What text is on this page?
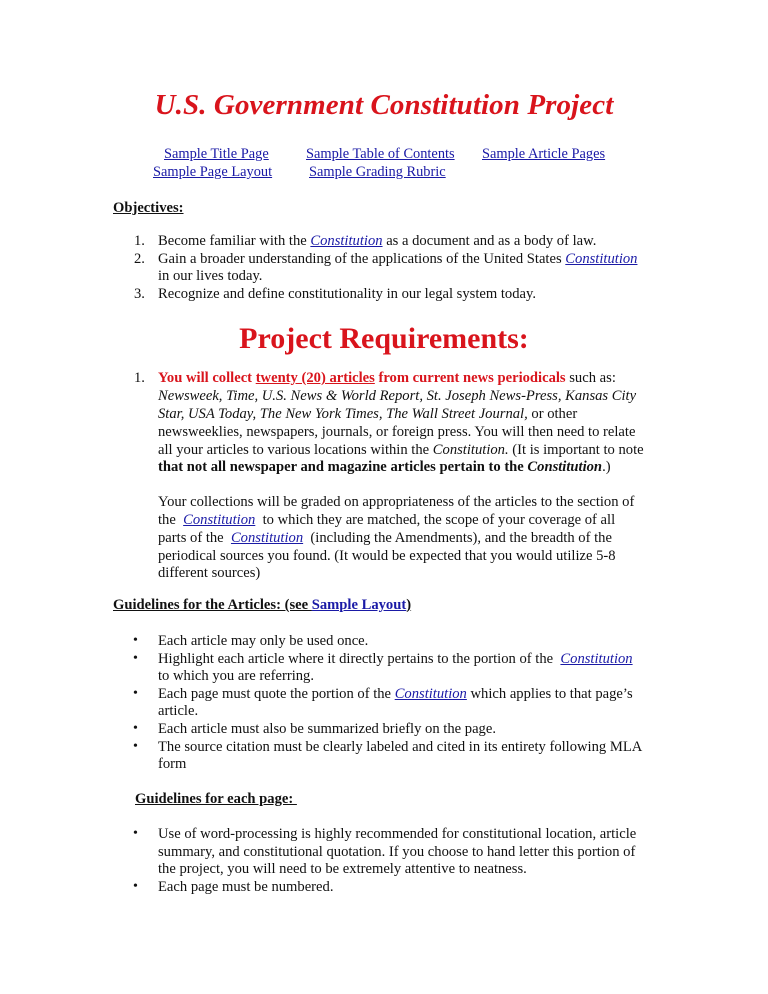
U.S. Government Constitution Project
Sample Title Page	Sample Table of Contents Sample Article Pages
Sample Page Layout	Sample Grading Rubric
Objectives:
1. Become familiar with the Constitution as a document and as a body of law.
2. Gain a broader understanding of the applications of the United States Constitution
in our lives today.
3. Recognize and define constitutionality in our legal system today.
Project Requirements:
1. You will collect twenty (20) articles from current news periodicals such as:
Newsweek, Time, U.S. News & World Report, St. Joseph News-Press, Kansas City
Star, USA Today, The New York Times, The Wall Street Journal, or other
newsweeklies, newspapers, journals, or foreign press. You will then need to relate
all your articles to various locations within the Constitution. (It is important to note
that not all newspaper and magazine articles pertain to the Constitution.)
Your collections will be graded on appropriateness of the articles to the section of
the  Constitution  to which they are matched, the scope of your coverage of all
parts of the  Constitution  (including the Amendments), and the breadth of the
periodical sources you found. (It would be expected that you would utilize 5-8
different sources)
Guidelines for the Articles: (see Sample Layout)
• Each article may only be used once.
• Highlight each article where it directly pertains to the portion of the  Constitution
to which you are referring.
• Each page must quote the portion of the Constitution which applies to that page’s
article.
• Each article must also be summarized briefly on the page.
• The source citation must be clearly labeled and cited in its entirety following MLA
form
Guidelines for each page:
• Use of word-processing is highly recommended for constitutional location, article
summary, and constitutional quotation. If you choose to hand letter this portion of
the project, you will need to be extremely attentive to neatness.
• Each page must be numbered.
